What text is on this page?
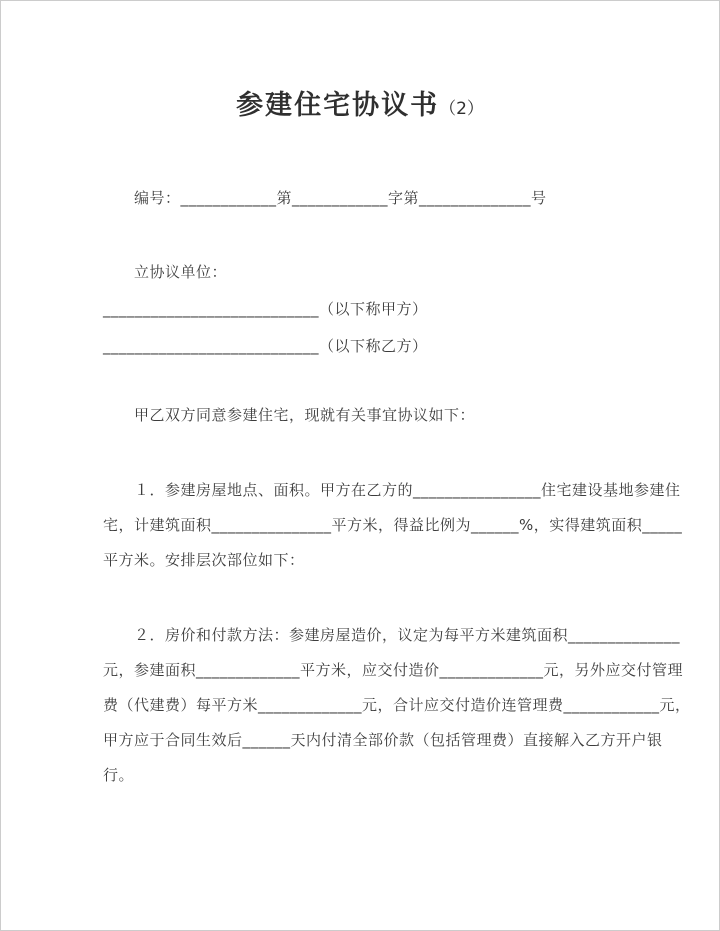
参建住宅协议书（2）
编号：____________第____________字第______________号
立协议单位：
___________________________（以下称甲方）
___________________________（以下称乙方）
甲乙双方同意参建住宅，现就有关事宜协议如下：
１．参建房屋地点、面积。甲方在乙方的________________住宅建设基地参建住
宅，计建筑面积_______________平方米，得益比例为______%，实得建筑面积_____
平方米。安排层次部位如下：
２．房价和付款方法：参建房屋造价，议定为每平方米建筑面积______________
元，参建面积_____________平方米，应交付造价_____________元，另外应交付管理
费（代建费）每平方米_____________元，合计应交付造价连管理费____________元，
甲方应于合同生效后______天内付清全部价款（包括管理费）直接解入乙方开户银
行。
